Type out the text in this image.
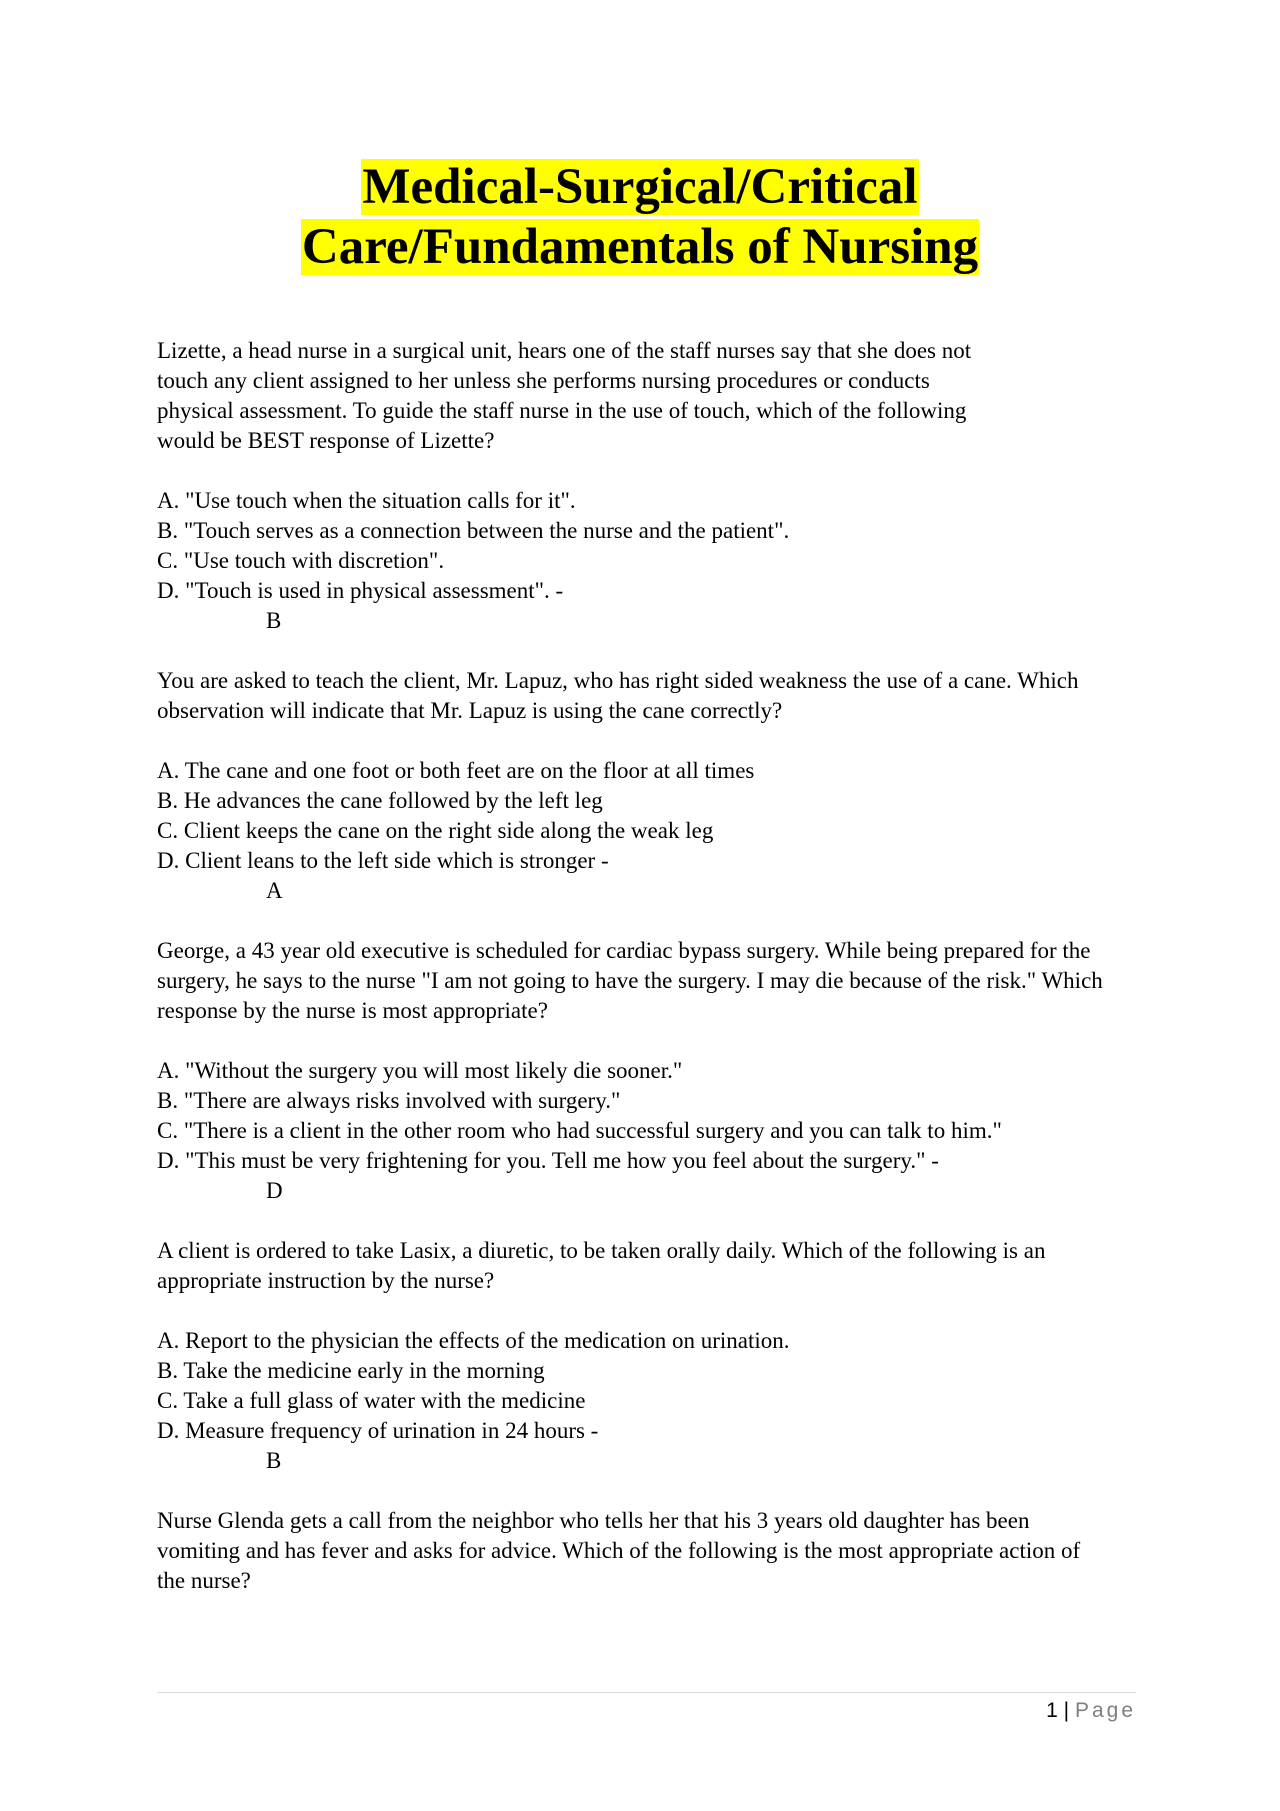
Medical-Surgical/Critical
Care/Fundamentals of Nursing

Lizette, a head nurse in a surgical unit, hears one of the staff nurses say that she does not touch any client assigned to her unless she performs nursing procedures or conducts physical assessment. To guide the staff nurse in the use of touch, which of the following would be BEST response of Lizette?

A. "Use touch when the situation calls for it".
B. "Touch serves as a connection between the nurse and the patient".
C. "Use touch with discretion".
D. "Touch is used in physical assessment". -
B

You are asked to teach the client, Mr. Lapuz, who has right sided weakness the use of a cane. Which observation will indicate that Mr. Lapuz is using the cane correctly?

A. The cane and one foot or both feet are on the floor at all times
B. He advances the cane followed by the left leg
C. Client keeps the cane on the right side along the weak leg
D. Client leans to the left side which is stronger -
A

George, a 43 year old executive is scheduled for cardiac bypass surgery. While being prepared for the surgery, he says to the nurse "I am not going to have the surgery. I may die because of the risk." Which response by the nurse is most appropriate?

A. "Without the surgery you will most likely die sooner."
B. "There are always risks involved with surgery."
C. "There is a client in the other room who had successful surgery and you can talk to him."
D. "This must be very frightening for you. Tell me how you feel about the surgery." -
D

A client is ordered to take Lasix, a diuretic, to be taken orally daily. Which of the following is an appropriate instruction by the nurse?

A. Report to the physician the effects of the medication on urination.
B. Take the medicine early in the morning
C. Take a full glass of water with the medicine
D. Measure frequency of urination in 24 hours -
B

Nurse Glenda gets a call from the neighbor who tells her that his 3 years old daughter has been vomiting and has fever and asks for advice. Which of the following is the most appropriate action of the nurse?

1 | Page
